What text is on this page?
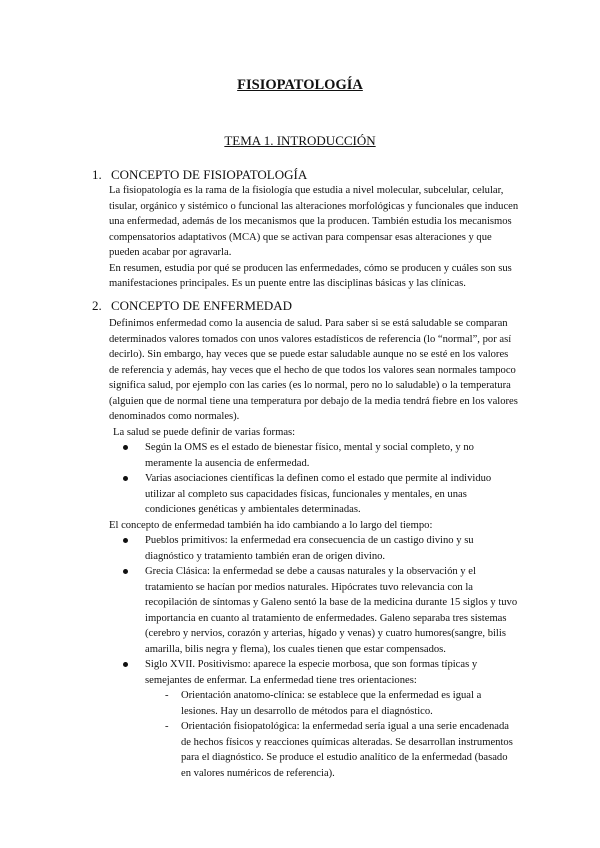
FISIOPATOLOGÍA
TEMA 1. INTRODUCCIÓN
1. CONCEPTO DE FISIOPATOLOGÍA

La fisiopatología es la rama de la fisiología que estudia a nivel molecular, subcelular, celular, tisular, orgánico y sistémico o funcional las alteraciones morfológicas y funcionales que inducen una enfermedad, además de los mecanismos que la producen. También estudia los mecanismos compensatorios adaptativos (MCA) que se activan para compensar esas alteraciones y que pueden acabar por agravarla.

En resumen, estudia por qué se producen las enfermedades, cómo se producen y cuáles son sus manifestaciones principales. Es un puente entre las disciplinas básicas y las clínicas.

2. CONCEPTO DE ENFERMEDAD

Definimos enfermedad como la ausencia de salud. Para saber si se está saludable se comparan determinados valores tomados con unos valores estadísticos de referencia (lo “normal”, por así decirlo). Sin embargo, hay veces que se puede estar saludable aunque no se esté en los valores de referencia y además, hay veces que el hecho de que todos los valores sean normales tampoco significa salud, por ejemplo con las caries (es lo normal, pero no lo saludable) o la temperatura (alguien que de normal tiene una temperatura por debajo de la media tendrá fiebre en los valores denominados como normales).

La salud se puede definir de varias formas:

Según la OMS es el estado de bienestar físico, mental y social completo, y no meramente la ausencia de enfermedad.
Varias asociaciones científicas la definen como el estado que permite al individuo utilizar al completo sus capacidades físicas, funcionales y mentales, en unas condiciones genéticas y ambientales determinadas.

El concepto de enfermedad también ha ido cambiando a lo largo del tiempo:

Pueblos primitivos: la enfermedad era consecuencia de un castigo divino y su diagnóstico y tratamiento también eran de origen divino.
Grecia Clásica: la enfermedad se debe a causas naturales y la observación y el tratamiento se hacían por medios naturales. Hipócrates tuvo relevancia con la recopilación de síntomas y Galeno sentó la base de la medicina durante 15 siglos y tuvo importancia en cuanto al tratamiento de enfermedades. Galeno separaba tres sistemas (cerebro y nervios, corazón y arterias, hígado y venas) y cuatro humores(sangre, bilis amarilla, bilis negra y flema), los cuales tienen que estar compensados.
Siglo XVII. Positivismo: aparece la especie morbosa, que son formas típicas y semejantes de enfermar. La enfermedad tiene tres orientaciones:
- Orientación anatomo-clínica: se establece que la enfermedad es igual a lesiones. Hay un desarrollo de métodos para el diagnóstico.
- Orientación fisiopatológica: la enfermedad sería igual a una serie encadenada de hechos físicos y reacciones químicas alteradas. Se desarrollan instrumentos para el diagnóstico. Se produce el estudio analítico de la enfermedad (basado en valores numéricos de referencia).
